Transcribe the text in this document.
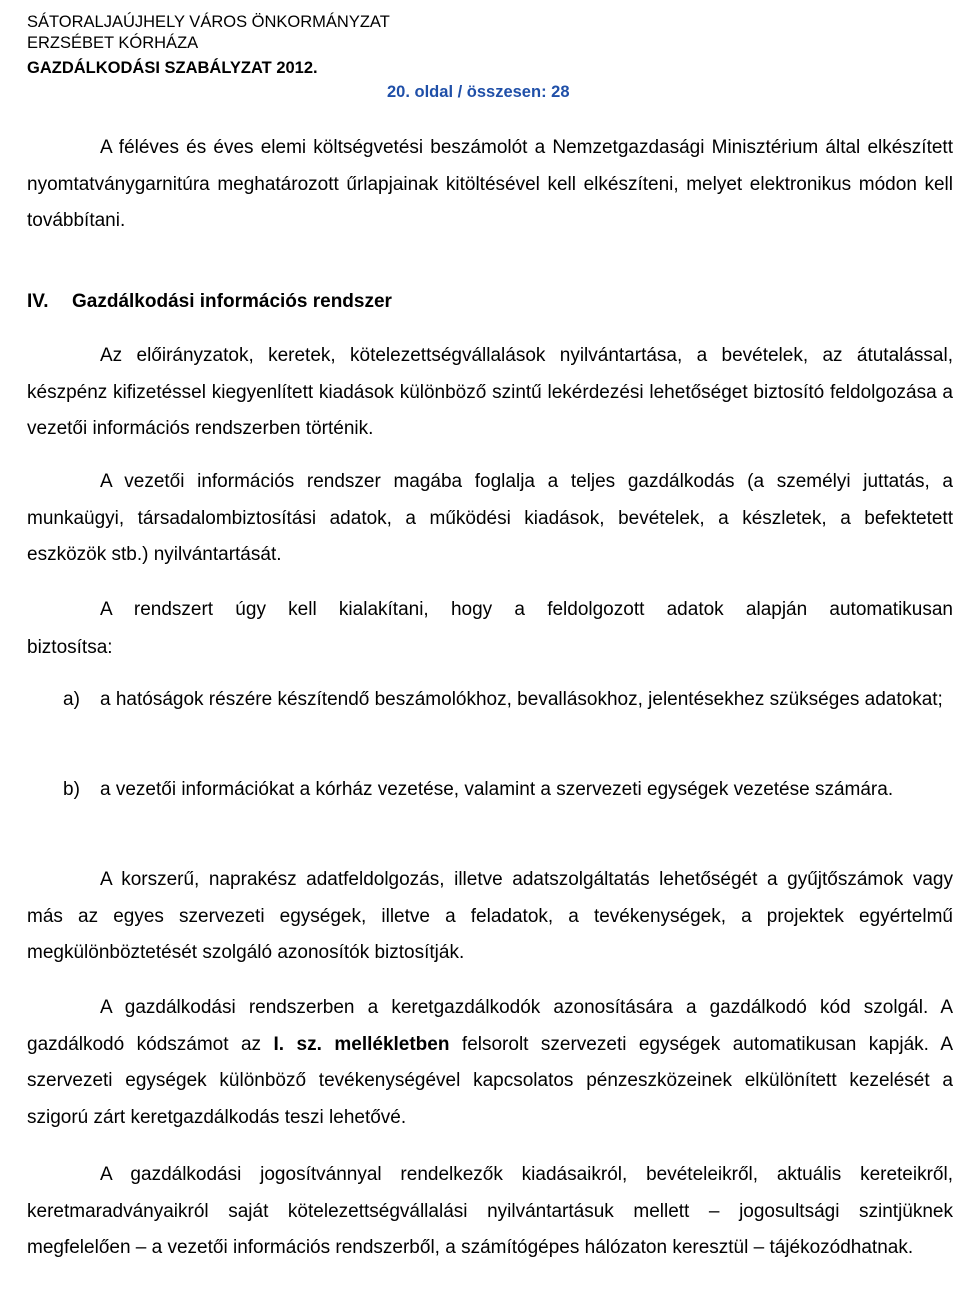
SÁTORALJAÚJHELY VÁROS ÖNKORMÁNYZAT
ERZSÉBET KÓRHÁZA
GAZDÁLKODÁSI SZABÁLYZAT 2012.
20. oldal / összesen: 28

A féléves és éves elemi költségvetési beszámolót a Nemzetgazdasági Minisztérium által elkészített nyomtatványgarnitúra meghatározott űrlapjainak kitöltésével kell elkészíteni, melyet elektronikus módon kell továbbítani.

IV. Gazdálkodási információs rendszer

Az előirányzatok, keretek, kötelezettségvállalások nyilvántartása, a bevételek, az átutalással, készpénz kifizetéssel kiegyenlített kiadások különböző szintű lekérdezési lehetőséget biztosító feldolgozása a vezetői információs rendszerben történik.

A vezetői információs rendszer magába foglalja a teljes gazdálkodás (a személyi juttatás, a munkaügyi, társadalombiztosítási adatok, a működési kiadások, bevételek, a készletek, a befektetett eszközök stb.) nyilvántartását.

A rendszert úgy kell kialakítani, hogy a feldolgozott adatok alapján automatikusan

biztosítsa:

a) a hatóságok részére készítendő beszámolókhoz, bevallásokhoz, jelentésekhez szükséges adatokat;
b) a vezetői információkat a kórház vezetése, valamint a szervezeti egységek vezetése számára.

A korszerű, naprakész adatfeldolgozás, illetve adatszolgáltatás lehetőségét a gyűjtőszámok vagy más az egyes szervezeti egységek, illetve a feladatok, a tevékenységek, a projektek egyértelmű megkülönböztetését szolgáló azonosítók biztosítják.

A gazdálkodási rendszerben a keretgazdálkodók azonosítására a gazdálkodó kód szolgál. A gazdálkodó kódszámot az I. sz. mellékletben felsorolt szervezeti egységek automatikusan kapják. A szervezeti egységek különböző tevékenységével kapcsolatos pénzeszközeinek elkülönített kezelését a szigorú zárt keretgazdálkodás teszi lehetővé.

A gazdálkodási jogosítvánnyal rendelkezők kiadásaikról, bevételeikről, aktuális kereteikről, keretmaradványaikról saját kötelezettségvállalási nyilvántartásuk mellett – jogosultsági szintjüknek megfelelően – a vezetői információs rendszerből, a számítógépes hálózaton keresztül – tájékozódhatnak.
